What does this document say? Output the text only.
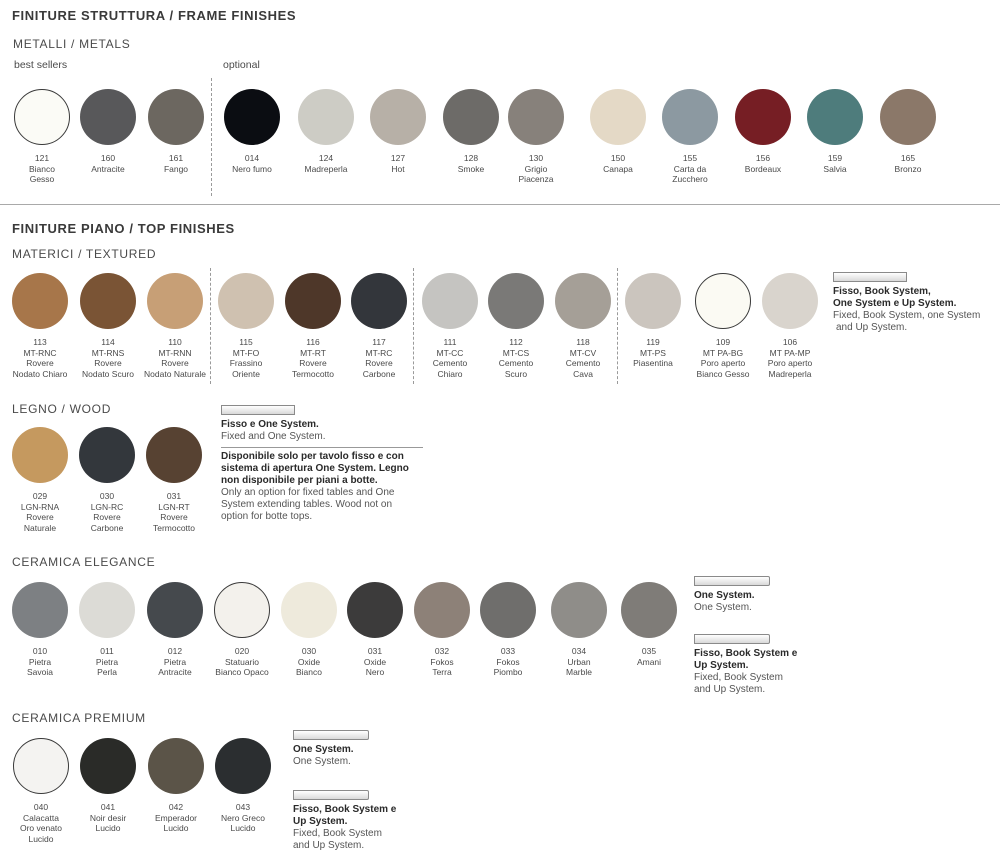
FINITURE STRUTTURA / FRAME FINISHES
METALLI / METALS
best sellers	optional
121
Bianco
Gesso
160
Antracite
161
Fango
014
Nero fumo
124
Madreperla
127
Hot
128
Smoke
130
Grigio
Piacenza
150
Canapa
155
Carta da
Zucchero
156
Bordeaux
159
Salvia
165
Bronzo
FINITURE PIANO / TOP FINISHES
MATERICI / TEXTURED
113
MT-RNC
Rovere
Nodato Chiaro
114
MT-RNS
Rovere
Nodato Scuro
110
MT-RNN
Rovere
Nodato Naturale
115
MT-FO
Frassino
Oriente
116
MT-RT
Rovere
Termocotto
117
MT-RC
Rovere
Carbone
111
MT-CC
Cemento
Chiaro
112
MT-CS
Cemento
Scuro
118
MT-CV
Cemento
Cava
119
MT-PS
Piasentina
109
MT PA-BG
Poro aperto
Bianco Gesso
106
MT PA-MP
Poro aperto
Madreperla
Fisso, Book System,
One System e Up System.
Fixed, Book System, one System
and Up System.
LEGNO / WOOD
029
LGN-RNA
Rovere
Naturale
030
LGN-RC
Rovere
Carbone
031
LGN-RT
Rovere
Termocotto
Fisso e One System.
Fixed and One System.
Disponibile solo per tavolo fisso e con
sistema di apertura One System. Legno
non disponibile per piani a botte.
Only an option for fixed tables and One
System extending tables. Wood not on
option for botte tops.
CERAMICA ELEGANCE
010
Pietra
Savoia
011
Pietra
Perla
012
Pietra
Antracite
020
Statuario
Bianco Opaco
030
Oxide
Bianco
031
Oxide
Nero
032
Fokos
Terra
033
Fokos
Piombo
034
Urban
Marble
035
Amani
One System.
One System.
Fisso, Book System e
Up System.
Fixed, Book System
and Up System.
CERAMICA PREMIUM
040
Calacatta
Oro venato
Lucido
041
Noir desir
Lucido
042
Emperador
Lucido
043
Nero Greco
Lucido
One System.
One System.
Fisso, Book System e
Up System.
Fixed, Book System
and Up System.
